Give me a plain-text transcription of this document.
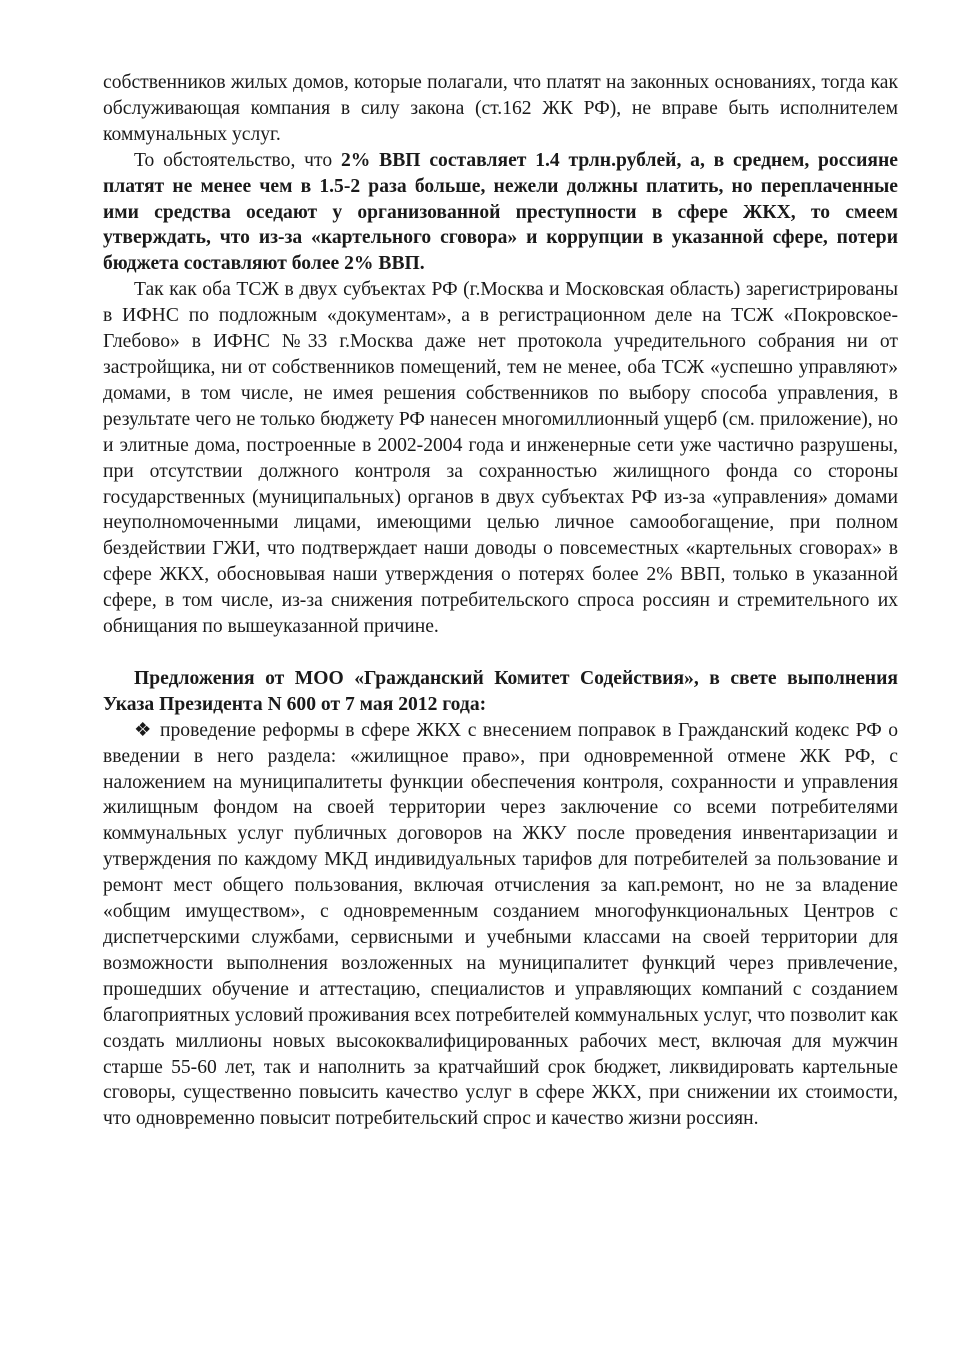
собственников жилых домов, которые полагали, что платят на законных основаниях, тогда как обслуживающая компания в силу закона (ст.162 ЖК РФ), не вправе быть исполнителем коммунальных услуг.

То обстоятельство, что 2% ВВП составляет 1.4 трлн.рублей, а, в среднем, россияне платят не менее чем в 1.5-2 раза больше, нежели должны платить, но переплаченные ими средства оседают у организованной преступности в сфере ЖКХ, то смеем утверждать, что из-за «картельного сговора» и коррупции в указанной сфере, потери бюджета составляют более 2% ВВП.

Так как оба ТСЖ в двух субъектах РФ (г.Москва и Московская область) зарегистрированы в ИФНС по подложным «документам», а в регистрационном деле на ТСЖ «Покровское-Глебово» в ИФНС №33 г.Москва даже нет протокола учредительного собрания ни от застройщика, ни от собственников помещений, тем не менее, оба ТСЖ «успешно управляют» домами, в том числе, не имея решения собственников по выбору способа управления, в результате чего не только бюджету РФ нанесен многомиллионный ущерб (см. приложение), но и элитные дома, построенные в 2002-2004 года и инженерные сети уже частично разрушены, при отсутствии должного контроля за сохранностью жилищного фонда со стороны государственных (муниципальных) органов в двух субъектах РФ из-за «управления» домами неуполномоченными лицами, имеющими целью личное самообогащение, при полном бездействии ГЖИ, что подтверждает наши доводы о повсеместных «картельных сговорах» в сфере ЖКХ, обосновывая наши утверждения о потерях более 2% ВВП, только в указанной сфере, в том числе, из-за снижения потребительского спроса россиян и стремительного их обнищания по вышеуказанной причине.

Предложения от МОО «Гражданский Комитет Содействия», в свете выполнения Указа Президента N 600 от 7 мая 2012 года:

❖ проведение реформы в сфере ЖКХ с внесением поправок в Гражданский кодекс РФ о введении в него раздела: «жилищное право», при одновременной отмене ЖК РФ, с наложением на муниципалитеты функции обеспечения контроля, сохранности и управления жилищным фондом на своей территории через заключение со всеми потребителями коммунальных услуг публичных договоров на ЖКУ после проведения инвентаризации и утверждения по каждому МКД индивидуальных тарифов для потребителей за пользование и ремонт мест общего пользования, включая отчисления за кап.ремонт, но не за владение «общим имуществом», с одновременным созданием многофункциональных Центров с диспетчерскими службами, сервисными и учебными классами на своей территории для возможности выполнения возложенных на муниципалитет функций через привлечение, прошедших обучение и аттестацию, специалистов и управляющих компаний с созданием благоприятных условий проживания всех потребителей коммунальных услуг, что позволит как создать миллионы новых высококвалифицированных рабочих мест, включая для мужчин старше 55-60 лет, так и наполнить за кратчайший срок бюджет, ликвидировать картельные сговоры, существенно повысить качество услуг в сфере ЖКХ, при снижении их стоимости, что одновременно повысит потребительский спрос и качество жизни россиян.
